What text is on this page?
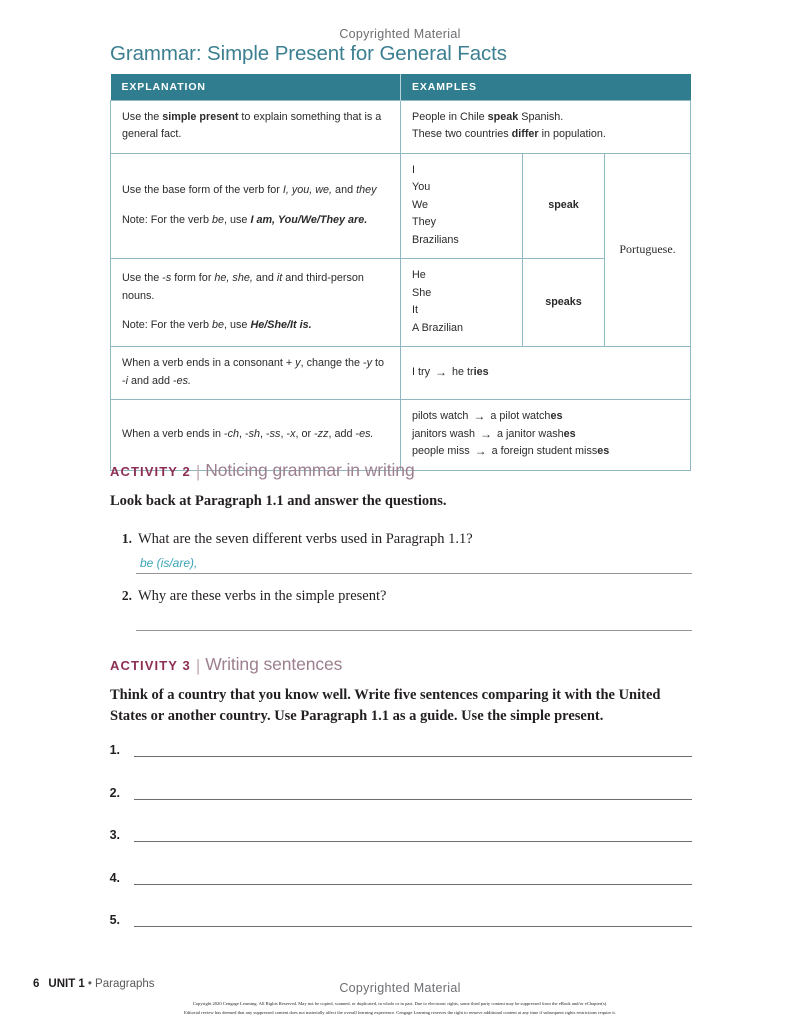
Copyrighted Material
Grammar: Simple Present for General Facts
EXPLANATION	EXAMPLES		
Use the simple present to explain something that is a general fact.	People in Chile speak Spanish.
These two countries differ in population.		

Use the base form of the verb for I, you, we, and they
Note: For the verb be, use I am, You/We/They are.	I
You
We
They
Brazilians	speak	Portuguese.
Use the -s form for he, she, and it and third-person nouns.
Note: For the verb be, use He/She/It is.	He
She
It
A Brazilian	speaks	
When a verb ends in a consonant + y, change the -y to -i and add -es.	I try → he tries		

When a verb ends in -ch, -sh, -ss, -x, or -zz, add -es.	pilots watch → a pilot watches
janitors wash → a janitor washes
people miss → a foreign student misses		
ACTIVITY 2 | Noticing grammar in writing
Look back at Paragraph 1.1 and answer the questions.
1. What are the seven different verbs used in Paragraph 1.1?
be (is/are),
2. Why are these verbs in the simple present?
ACTIVITY 3 | Writing sentences
Think of a country that you know well. Write five sentences comparing it with the United States or another country. Use Paragraph 1.1 as a guide. Use the simple present.
1.
2.
3.
4.
5.
6 UNIT 1 • Paragraphs	Copyrighted Material
Copyright 2020 Cengage Learning. All Rights Reserved. May not be copied, scanned, or duplicated, in whole or in part. Due to electronic rights, some third party content may be suppressed from the eBook and/or eChapter(s).
Editorial review has deemed that any suppressed content does not materially affect the overall learning experience. Cengage Learning reserves the right to remove additional content at any time if subsequent rights restrictions require it.
